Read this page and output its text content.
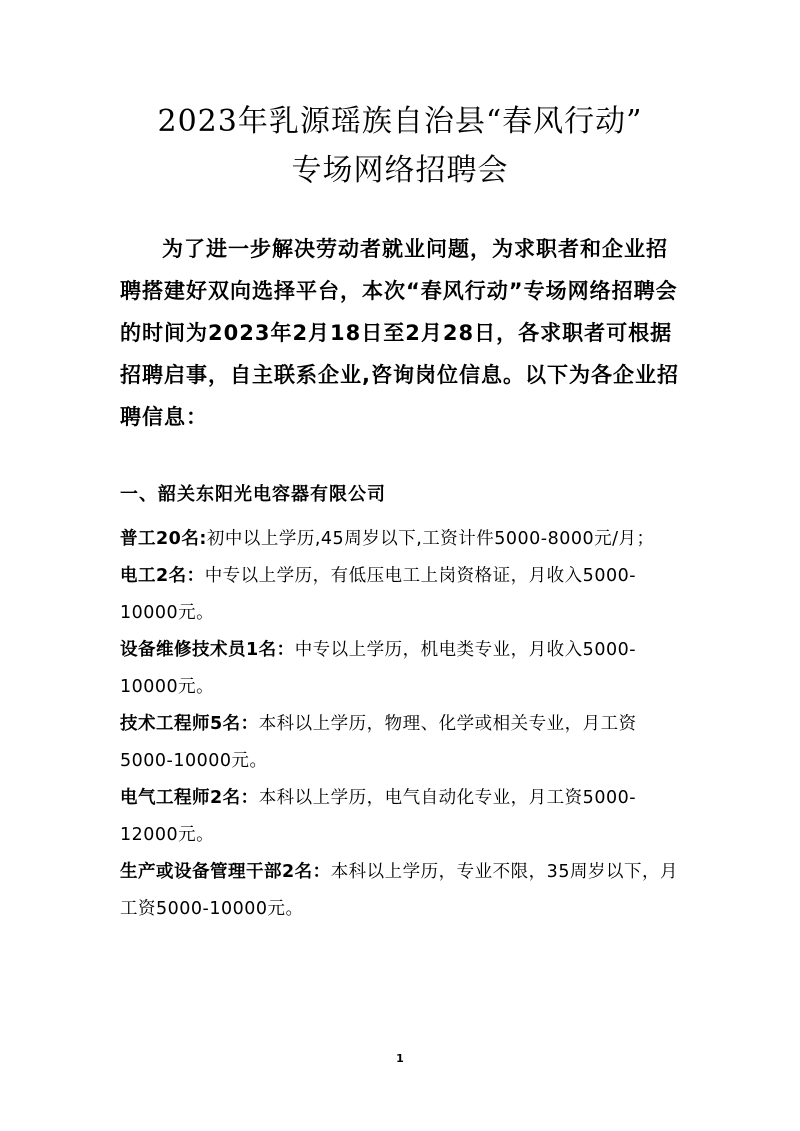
2023年乳源瑶族自治县“春风行动”
专场网络招聘会

为了进一步解决劳动者就业问题，为求职者和企业招聘搭建好双向选择平台，本次“春风行动”专场网络招聘会的时间为2023年2月18日至2月28日，各求职者可根据招聘启事，自主联系企业,咨询岗位信息。以下为各企业招聘信息：

一、韶关东阳光电容器有限公司

普工20名:初中以上学历,45周岁以下,工资计件5000-8000元/月；

电工2名：中专以上学历，有低压电工上岗资格证，月收入5000-10000元。

设备维修技术员1名：中专以上学历，机电类专业，月收入5000-10000元。

技术工程师5名：本科以上学历，物理、化学或相关专业，月工资5000-10000元。

电气工程师2名：本科以上学历，电气自动化专业，月工资5000-12000元。

生产或设备管理干部2名：本科以上学历，专业不限，35周岁以下，月工资5000-10000元。

1
